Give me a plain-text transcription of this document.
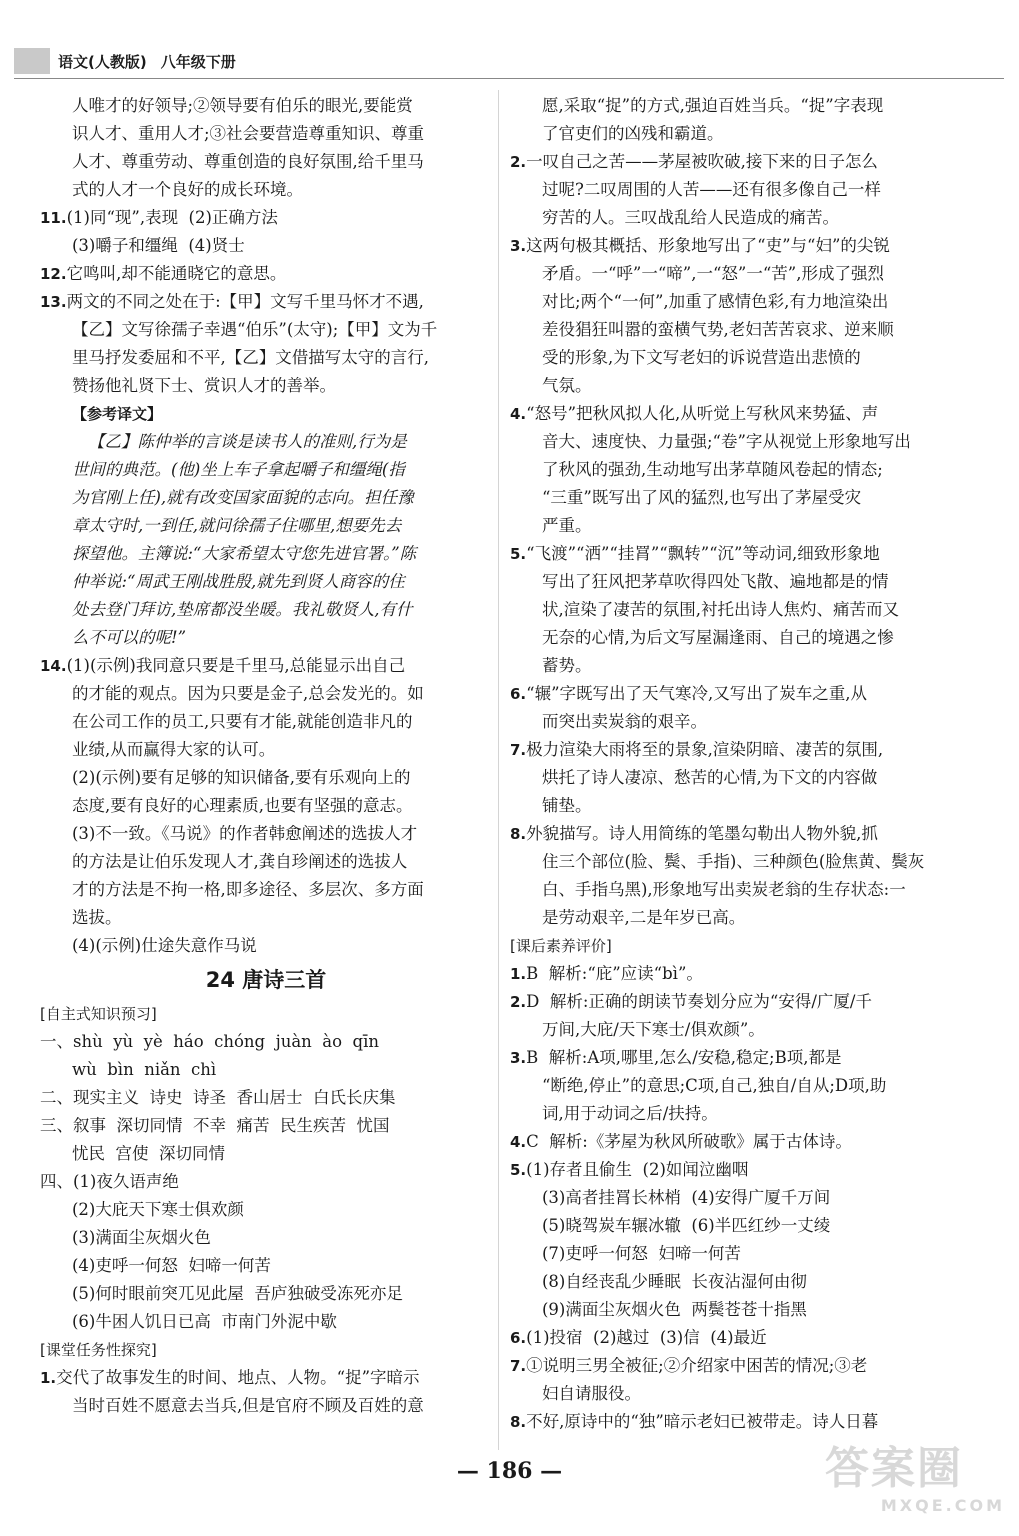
语文(人教版) 八年级下册
人唯才的好领导;②领导要有伯乐的眼光,要能赏
识人才、重用人才;③社会要营造尊重知识、尊重
人才、尊重劳动、尊重创造的良好氛围,给千里马
式的人才一个良好的成长环境。
11.(1)同“现”,表现  (2)正确方法
(3)嚼子和缰绳  (4)贤士
12.它鸣叫,却不能通晓它的意思。
13.两文的不同之处在于:【甲】文写千里马怀才不遇,
【乙】文写徐孺子幸遇“伯乐”(太守);【甲】文为千
里马抒发委屈和不平,【乙】文借描写太守的言行,
赞扬他礼贤下士、赏识人才的善举。
【参考译文】
【乙】陈仲举的言谈是读书人的准则,行为是
世间的典范。(他)坐上车子拿起嚼子和缰绳(指
为官刚上任),就有改变国家面貌的志向。担任豫
章太守时,一到任,就问徐孺子住哪里,想要先去
探望他。主簿说:“大家希望太守您先进官署。”陈
仲举说:“周武王刚战胜殷,就先到贤人商容的住
处去登门拜访,垫席都没坐暖。我礼敬贤人,有什
么不可以的呢!”
14.(1)(示例)我同意只要是千里马,总能显示出自己
的才能的观点。因为只要是金子,总会发光的。如
在公司工作的员工,只要有才能,就能创造非凡的
业绩,从而赢得大家的认可。
(2)(示例)要有足够的知识储备,要有乐观向上的
态度,要有良好的心理素质,也要有坚强的意志。
(3)不一致。《马说》的作者韩愈阐述的选拔人才
的方法是让伯乐发现人才,龚自珍阐述的选拔人
才的方法是不拘一格,即多途径、多层次、多方面
选拔。
(4)(示例)仕途失意作马说
24 唐诗三首
[自主式知识预习]
一、shù  yù  yè  háo  chóng  juàn  ào  qīn
wù  bìn  niǎn  chì
二、现实主义  诗史  诗圣  香山居士  白氏长庆集
三、叙事  深切同情  不幸  痛苦  民生疾苦  忧国
忧民  宫使  深切同情
四、(1)夜久语声绝
(2)大庇天下寒士俱欢颜
(3)满面尘灰烟火色
(4)吏呼一何怒  妇啼一何苦
(5)何时眼前突兀见此屋  吾庐独破受冻死亦足
(6)牛困人饥日已高  市南门外泥中歇
[课堂任务性探究]
1.交代了故事发生的时间、地点、人物。“捉”字暗示
当时百姓不愿意去当兵,但是官府不顾及百姓的意
愿,采取“捉”的方式,强迫百姓当兵。“捉”字表现
了官吏们的凶残和霸道。
2.一叹自己之苦——茅屋被吹破,接下来的日子怎么
过呢?二叹周围的人苦——还有很多像自己一样
穷苦的人。三叹战乱给人民造成的痛苦。
3.这两句极其概括、形象地写出了“吏”与“妇”的尖锐
矛盾。一“呼”一“啼”,一“怒”一“苦”,形成了强烈
对比;两个“一何”,加重了感情色彩,有力地渲染出
差役猖狂叫嚣的蛮横气势,老妇苦苦哀求、逆来顺
受的形象,为下文写老妇的诉说营造出悲愤的
气氛。
4.“怒号”把秋风拟人化,从听觉上写秋风来势猛、声
音大、速度快、力量强;“卷”字从视觉上形象地写出
了秋风的强劲,生动地写出茅草随风卷起的情态;
“三重”既写出了风的猛烈,也写出了茅屋受灾
严重。
5.“飞渡”“洒”“挂罥”“飘转”“沉”等动词,细致形象地
写出了狂风把茅草吹得四处飞散、遍地都是的情
状,渲染了凄苦的氛围,衬托出诗人焦灼、痛苦而又
无奈的心情,为后文写屋漏逢雨、自己的境遇之惨
蓄势。
6.“辗”字既写出了天气寒冷,又写出了炭车之重,从
而突出卖炭翁的艰辛。
7.极力渲染大雨将至的景象,渲染阴暗、凄苦的氛围,
烘托了诗人凄凉、愁苦的心情,为下文的内容做
铺垫。
8.外貌描写。诗人用简练的笔墨勾勒出人物外貌,抓
住三个部位(脸、鬓、手指)、三种颜色(脸焦黄、鬓灰
白、手指乌黑),形象地写出卖炭老翁的生存状态:一
是劳动艰辛,二是年岁已高。
[课后素养评价]
1.B  解析:“庇”应读“bì”。
2.D  解析:正确的朗读节奏划分应为“安得/广厦/千
万间,大庇/天下寒士/俱欢颜”。
3.B  解析:A项,哪里,怎么/安稳,稳定;B项,都是
“断绝,停止”的意思;C项,自己,独自/自从;D项,助
词,用于动词之后/扶持。
4.C  解析:《茅屋为秋风所破歌》属于古体诗。
5.(1)存者且偷生  (2)如闻泣幽咽
(3)高者挂罥长林梢  (4)安得广厦千万间
(5)晓驾炭车辗冰辙  (6)半匹红纱一丈绫
(7)吏呼一何怒  妇啼一何苦
(8)自经丧乱少睡眠  长夜沾湿何由彻
(9)满面尘灰烟火色  两鬓苍苍十指黑
6.(1)投宿  (2)越过  (3)信  (4)最近
7.①说明三男全被征;②介绍家中困苦的情况;③老
妇自请服役。
8.不好,原诗中的“独”暗示老妇已被带走。诗人日暮
— 186 —	答案圈
MXQE.COM
